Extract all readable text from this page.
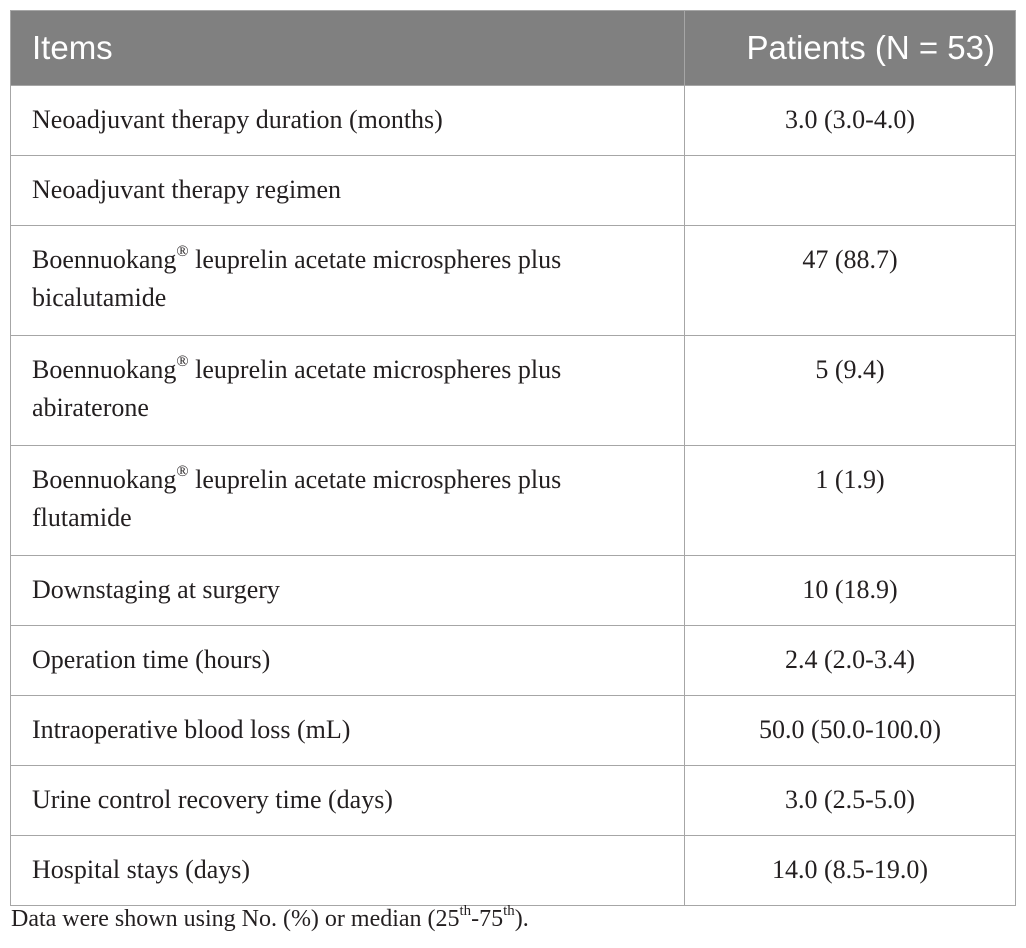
Items	Patients (N = 53)

Neoadjuvant therapy duration (months)	3.0 (3.0-4.0)

Neoadjuvant therapy regimen	

Boennuokang® leuprelin acetate microspheres plus bicalutamide	47 (88.7)

Boennuokang® leuprelin acetate microspheres plus abiraterone	5 (9.4)

Boennuokang® leuprelin acetate microspheres plus flutamide	1 (1.9)

Downstaging at surgery	10 (18.9)

Operation time (hours)	2.4 (2.0-3.4)

Intraoperative blood loss (mL)	50.0 (50.0-100.0)

Urine control recovery time (days)	3.0 (2.5-5.0)

Hospital stays (days)	14.0 (8.5-19.0)
Data were shown using No. (%) or median (25th-75th).
